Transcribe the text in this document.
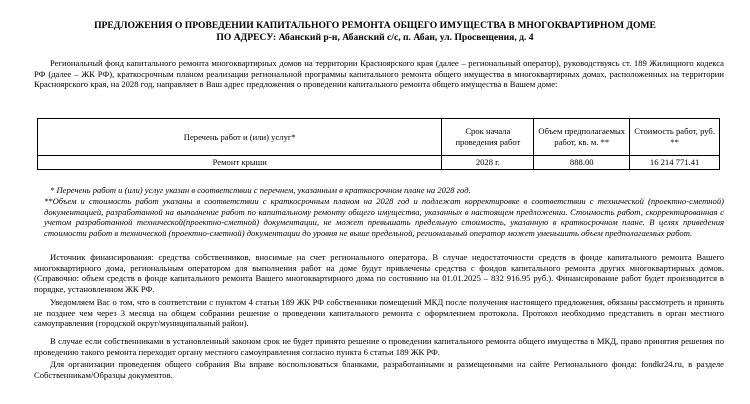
ПРЕДЛОЖЕНИЯ О ПРОВЕДЕНИИ КАПИТАЛЬНОГО РЕМОНТА ОБЩЕГО ИМУЩЕСТВА В МНОГОКВАРТИРНОМ ДОМЕ
ПО АДРЕСУ: Абанский р-н, Абанский с/с, п. Абан, ул. Просвещения, д. 4
Региональный фонд капитального ремонта многоквартирных домов на территории Красноярского края (далее – региональный оператор), руководствуясь ст. 189 Жилищного кодекса РФ (далее – ЖК РФ), краткосрочным планом реализации региональной программы капитального ремонта общего имущества в многоквартирных домах, расположенных на территории Красноярского края, на 2028 год, направляет в Ваш адрес предложения о проведении капитального ремонта общего имущества в Вашем доме:
Перечень работ и (или) услуг*	Срок начала проведения работ	Объем предполагаемых работ, кв. м. **	Стоимость работ, руб. **
Ремонт крыши	2028 г.	888.00	16 214 771.41
* Перечень работ и (или) услуг указан в соответствии с перечнем, указанным в краткосрочном плане на 2028 год.
**Объем и стоимость работ указаны в соответствии с краткосрочным планом на 2028 год и подлежат корректировке в соответствии с технической (проектно-сметной) документацией, разработанной на выполнение работ по капитальному ремонту общего имущества, указанных в настоящем предложении. Стоимость работ, скорректированная с учетом разработанной технической(проектно-сметной) документации, не может превышать предельную стоимость, указанную в краткосрочном плане. В целях приведения стоимости работ в технической (проектно-сметной) документации до уровня не выше предельной, региональный оператор может уменьшить объем предполагаемых работ.
Источник финансирования: средства собственников, вносимые на счет регионального оператора. В случае недостаточности средств в фонде капитального ремонта Вашего многоквартирного дома, региональным оператором для выполнения работ на доме будут привлечены средства с фондов капитального ремонта других многоквартирных домов. (Справочно: объем средств в фонде капитального ремонта Вашего многоквартирного дома по состоянию на 01.01.2025 – 832 916.95 руб.). Финансирование работ будет производится в порядке, установленном ЖК РФ.
Уведомляем Вас о том, что в соответствии с пунктом 4 статьи 189 ЖК РФ собственники помещений МКД после получения настоящего предложения, обязаны рассмотреть и принять не позднее чем через 3 месяца на общем собрании решение о проведении капитального ремонта с оформлением протокола. Протокол необходимо представить в орган местного самоуправления (городской округ/муниципальный район).
В случае если собственниками в установленный законом срок не будет принято решение о проведении капитального ремонта общего имущества в МКД, право принятия решения по проведению такого ремонта переходит органу местного самоуправления согласно пункта 6 статьи 189 ЖК РФ.
Для организации проведения общего собрания Вы вправе воспользоваться бланками, разработанными и размещенными на сайте Регионального фонда: fondkr24.ru, в разделе Собственникам/Образцы документов.
